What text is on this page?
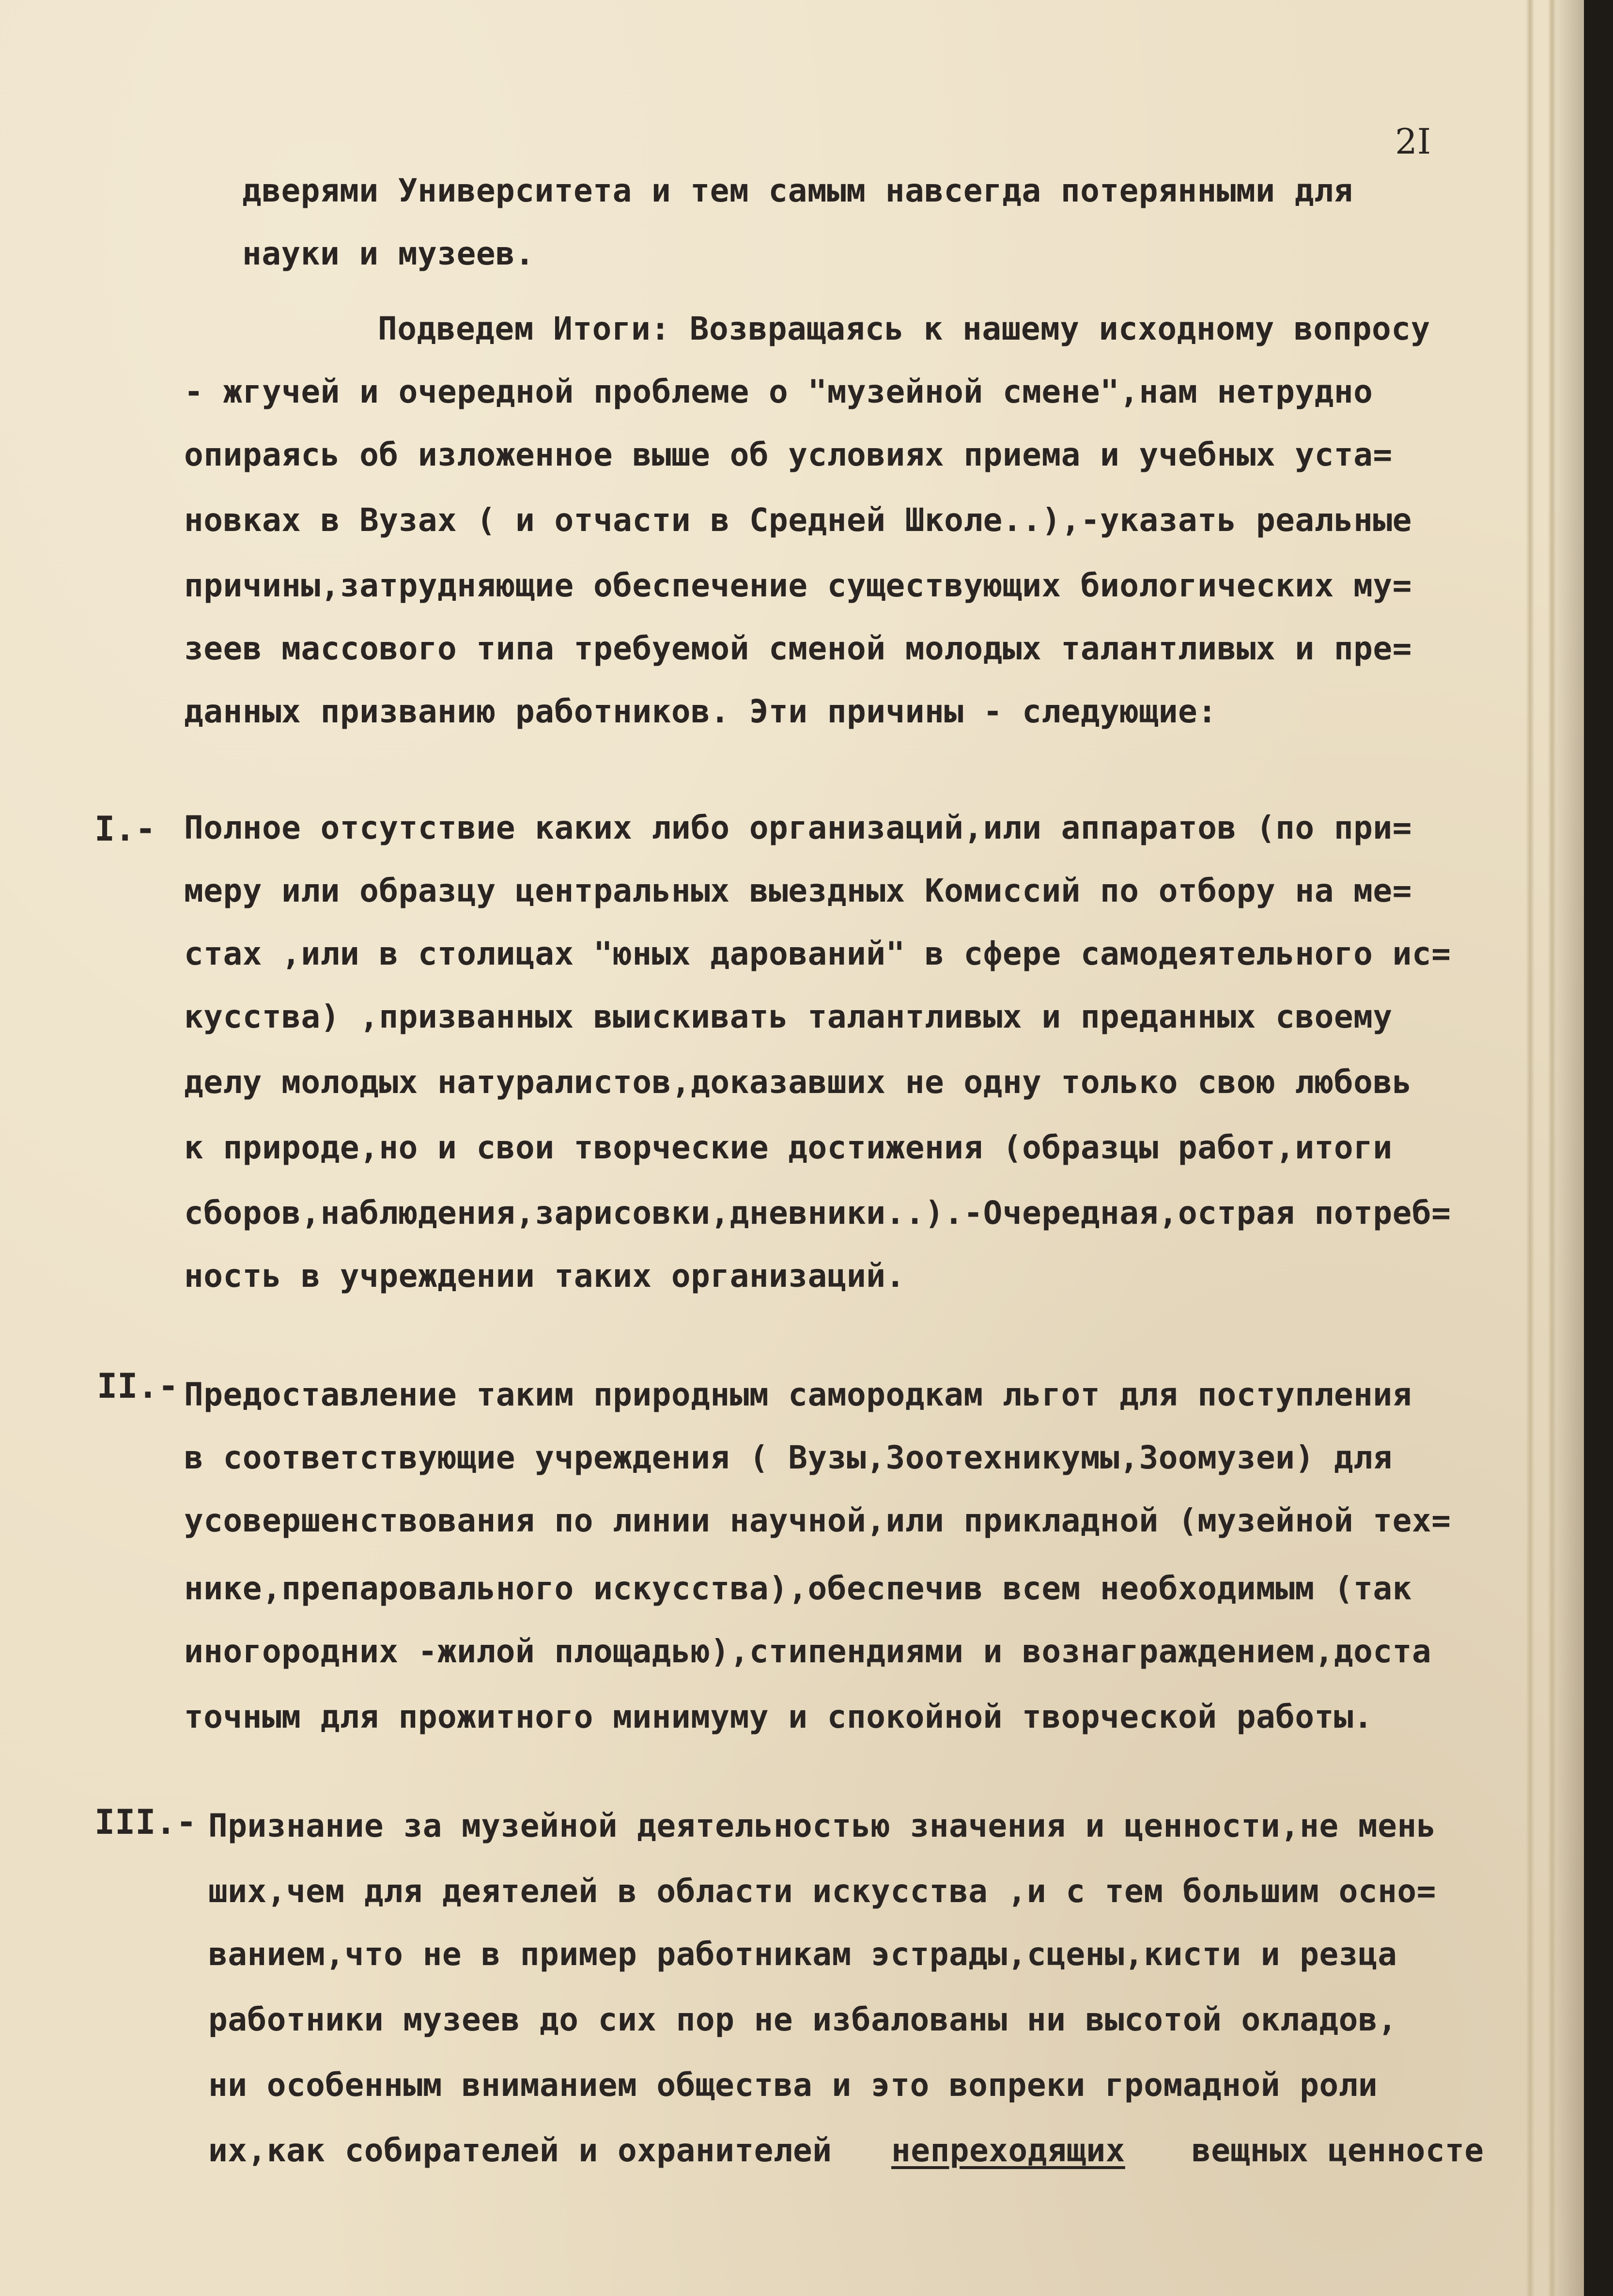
2I
дверями Университета и тем самым навсегда потерянными для
науки и музеев.
Подведем Итоги: Возвращаясь к нашему исходному вопросу
- жгучей и очередной проблеме о "музейной смене",нам нетрудно
опираясь об изложенное выше об условиях приема и учебных уста=
новках в Вузах ( и отчасти в Средней Школе..),-указать реальные
причины,затрудняющие обеспечение существующих биологических му=
зеев массового типа требуемой сменой молодых талантливых и пре=
данных призванию работников. Эти причины - следующие:
I.- Полное отсутствие каких либо организаций,или аппаратов (по при=
меру или образцу центральных выездных Комиссий по отбору на ме=
стах ,или в столицах "юных дарований" в сфере самодеятельного ис=
кусства) ,призванных выискивать талантливых и преданных своему
делу молодых натуралистов,доказавших не одну только свою любовь
к природе,но и свои творческие достижения (образцы работ,итоги
сборов,наблюдения,зарисовки,дневники..).-Очередная,острая потреб=
ность в учреждении таких организаций.
II.- Предоставление таким природным самородкам льгот для поступления
в соответствующие учреждения ( Вузы,Зоотехникумы,Зоомузеи) для
усовершенствования по линии научной,или прикладной (музейной тех=
нике,препаровального искусства),обеспечив всем необходимым (так
иногородних -жилой площадью),стипендиями и вознаграждением,доста
точным для прожитного минимуму и спокойной творческой работы.
III.- Признание за музейной деятельностью значения и ценности,не мень
ших,чем для деятелей в области искусства ,и с тем большим осно=
ванием,что не в пример работникам эстрады,сцены,кисти и резца
работники музеев до сих пор не избалованы ни высотой окладов,
ни особенным вниманием общества и это вопреки громадной роли
их,как собирателей и охранителей непреходящих вещных ценносте
